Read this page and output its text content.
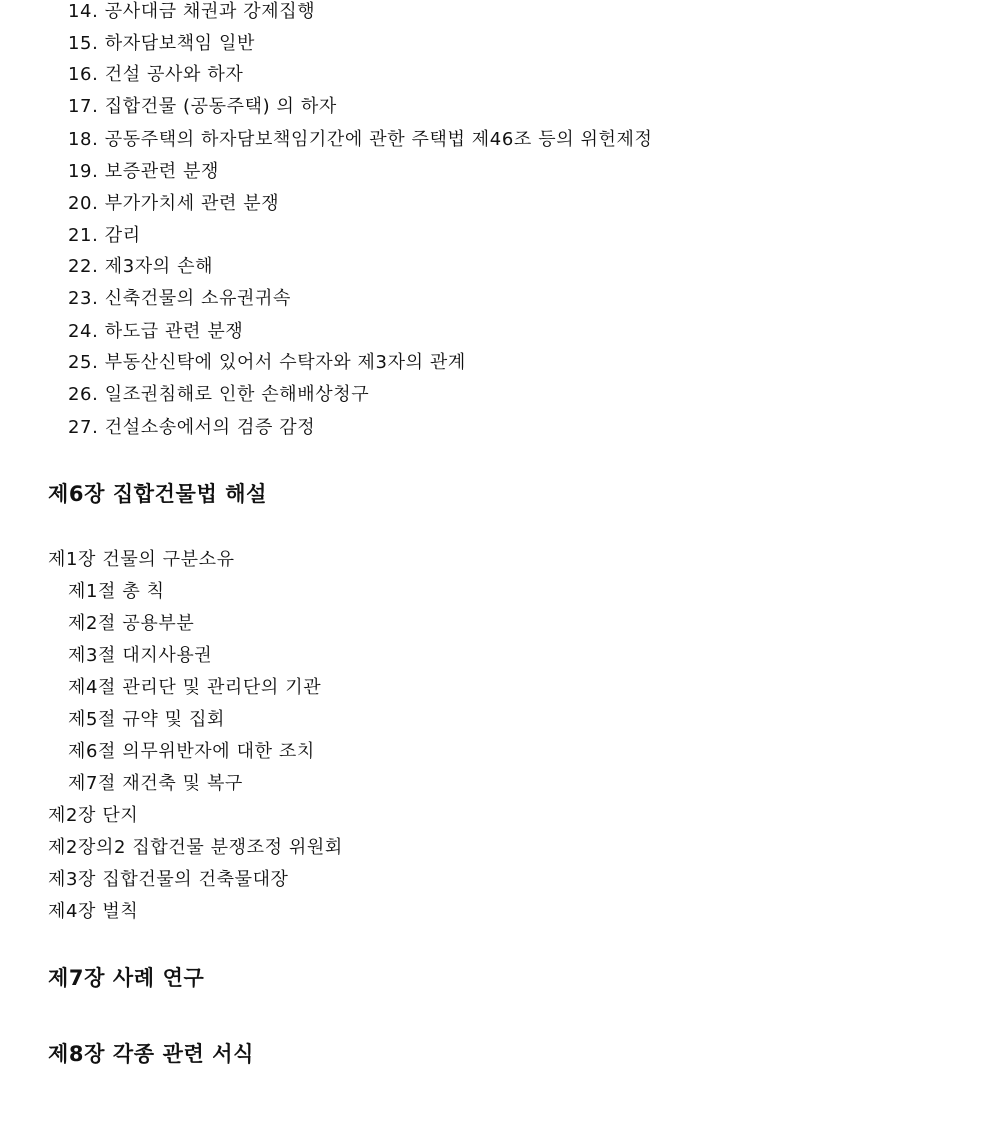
14. 공사대금 채권과 강제집행
15. 하자담보책임 일반
16. 건설 공사와 하자
17. 집합건물 (공동주택) 의 하자
18. 공동주택의 하자담보책임기간에 관한 주택법 제46조 등의 위헌제정
19. 보증관련 분쟁
20. 부가가치세 관련 분쟁
21. 감리
22. 제3자의 손해
23. 신축건물의 소유권귀속
24. 하도급 관련 분쟁
25. 부동산신탁에 있어서 수탁자와 제3자의 관계
26. 일조권침해로 인한 손해배상청구
27. 건설소송에서의 검증 감정
제6장 집합건물법 해설
제1장 건물의 구분소유
제1절 총 칙
제2절 공용부분
제3절 대지사용권
제4절 관리단 및 관리단의 기관
제5절 규약 및 집회
제6절 의무위반자에 대한 조치
제7절 재건축 및 복구
제2장 단지
제2장의2 집합건물 분쟁조정 위원회
제3장 집합건물의 건축물대장
제4장 벌칙
제7장 사례 연구
제8장 각종 관련 서식
